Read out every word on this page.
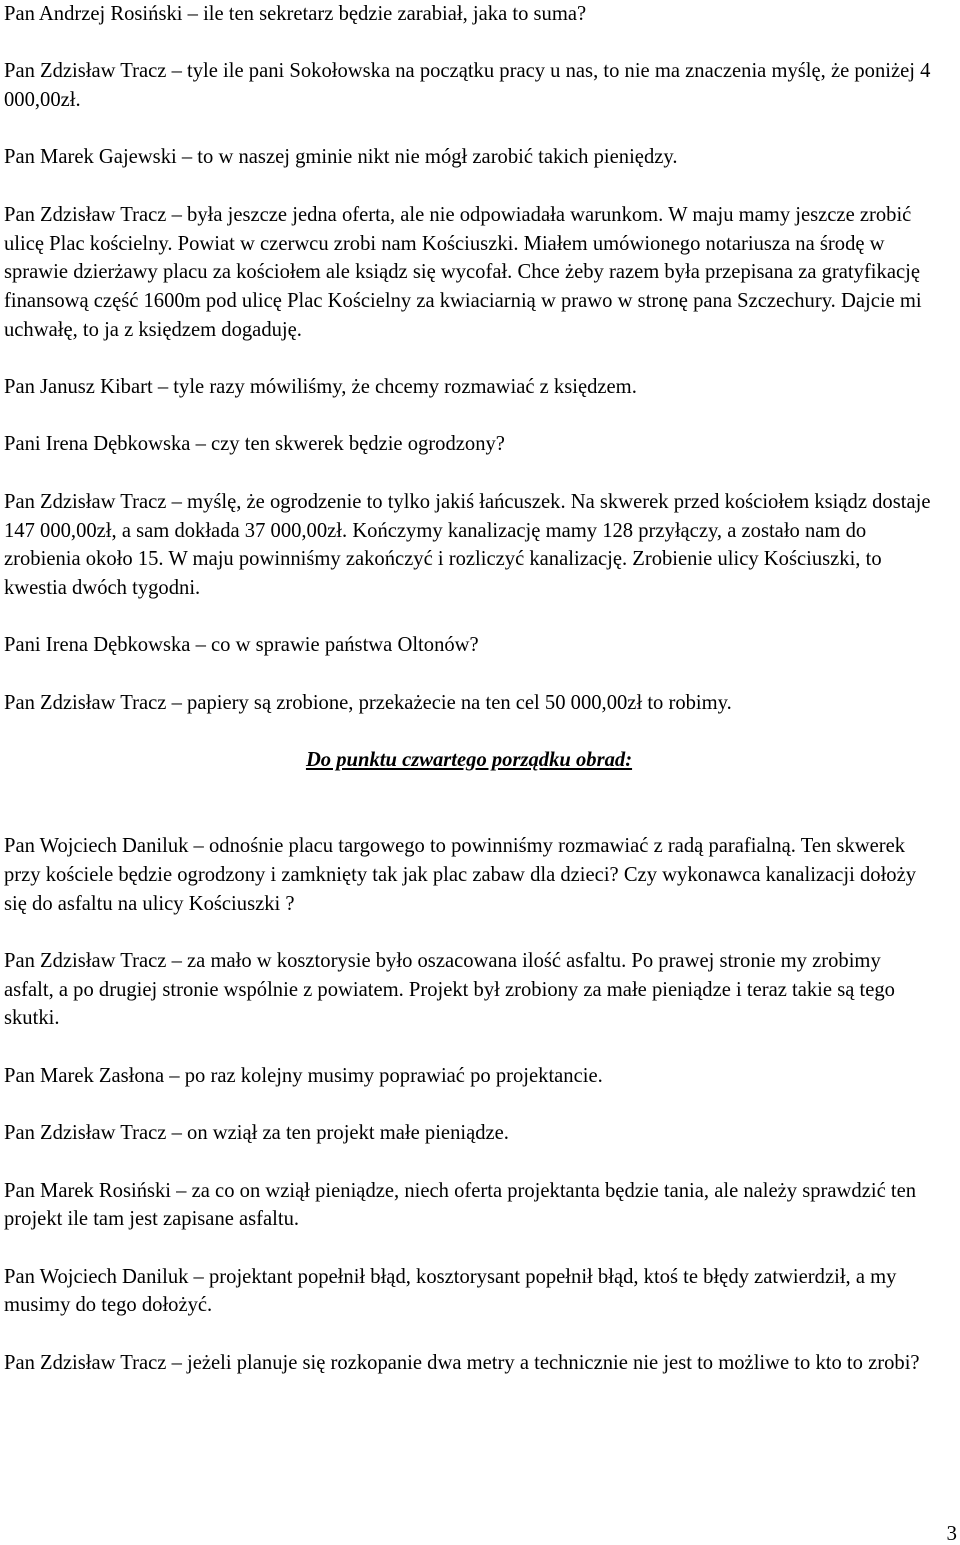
Pan Andrzej Rosiński – ile ten sekretarz będzie zarabiał, jaka to suma?

Pan Zdzisław Tracz – tyle ile pani Sokołowska na początku pracy u nas, to nie ma znaczenia myślę, że poniżej 4 000,00zł.

Pan Marek Gajewski – to w naszej gminie nikt nie mógł zarobić takich pieniędzy.

Pan Zdzisław Tracz – była jeszcze jedna oferta, ale nie odpowiadała warunkom. W maju mamy jeszcze zrobić ulicę Plac kościelny. Powiat w czerwcu zrobi nam Kościuszki. Miałem umówionego notariusza na środę w sprawie dzierżawy placu za kościołem ale ksiądz się wycofał. Chce żeby razem była przepisana za gratyfikację finansową część 1600m pod ulicę Plac Kościelny za kwiaciarnią w prawo w stronę pana Szczechury. Dajcie mi uchwałę, to ja z księdzem dogaduję.

Pan Janusz Kibart – tyle razy mówiliśmy, że chcemy rozmawiać z księdzem.

Pani Irena Dębkowska – czy ten skwerek będzie ogrodzony?

Pan Zdzisław Tracz – myślę, że ogrodzenie to tylko jakiś łańcuszek. Na skwerek przed kościołem ksiądz dostaje 147 000,00zł, a sam dokłada 37 000,00zł. Kończymy kanalizację mamy 128 przyłączy, a zostało nam do zrobienia około 15. W maju powinniśmy zakończyć i rozliczyć kanalizację. Zrobienie ulicy Kościuszki, to kwestia dwóch tygodni.

Pani Irena Dębkowska – co w sprawie państwa Oltonów?

Pan Zdzisław Tracz – papiery są zrobione, przekażecie na ten cel 50 000,00zł to robimy.

Do punktu czwartego porządku obrad:

Pan Wojciech Daniluk – odnośnie placu targowego to powinniśmy rozmawiać z radą parafialną. Ten skwerek przy kościele będzie ogrodzony i zamknięty tak jak plac zabaw dla dzieci? Czy wykonawca kanalizacji dołoży się do asfaltu na ulicy Kościuszki ?

Pan Zdzisław Tracz – za mało w kosztorysie było oszacowana ilość asfaltu. Po prawej stronie my zrobimy asfalt, a po drugiej stronie wspólnie z powiatem. Projekt był zrobiony za małe pieniądze i teraz takie są tego skutki.

Pan Marek Zasłona – po raz kolejny musimy poprawiać po projektancie.

Pan Zdzisław Tracz – on wziął za ten projekt małe pieniądze.

Pan Marek Rosiński – za co on wziął pieniądze, niech oferta projektanta będzie tania, ale należy sprawdzić ten projekt ile tam jest zapisane asfaltu.

Pan Wojciech Daniluk – projektant popełnił błąd, kosztorysant popełnił błąd, ktoś te błędy zatwierdził, a my musimy do tego dołożyć.

Pan Zdzisław Tracz – jeżeli planuje się rozkopanie dwa metry a technicznie nie jest to możliwe to kto to zrobi?

3
